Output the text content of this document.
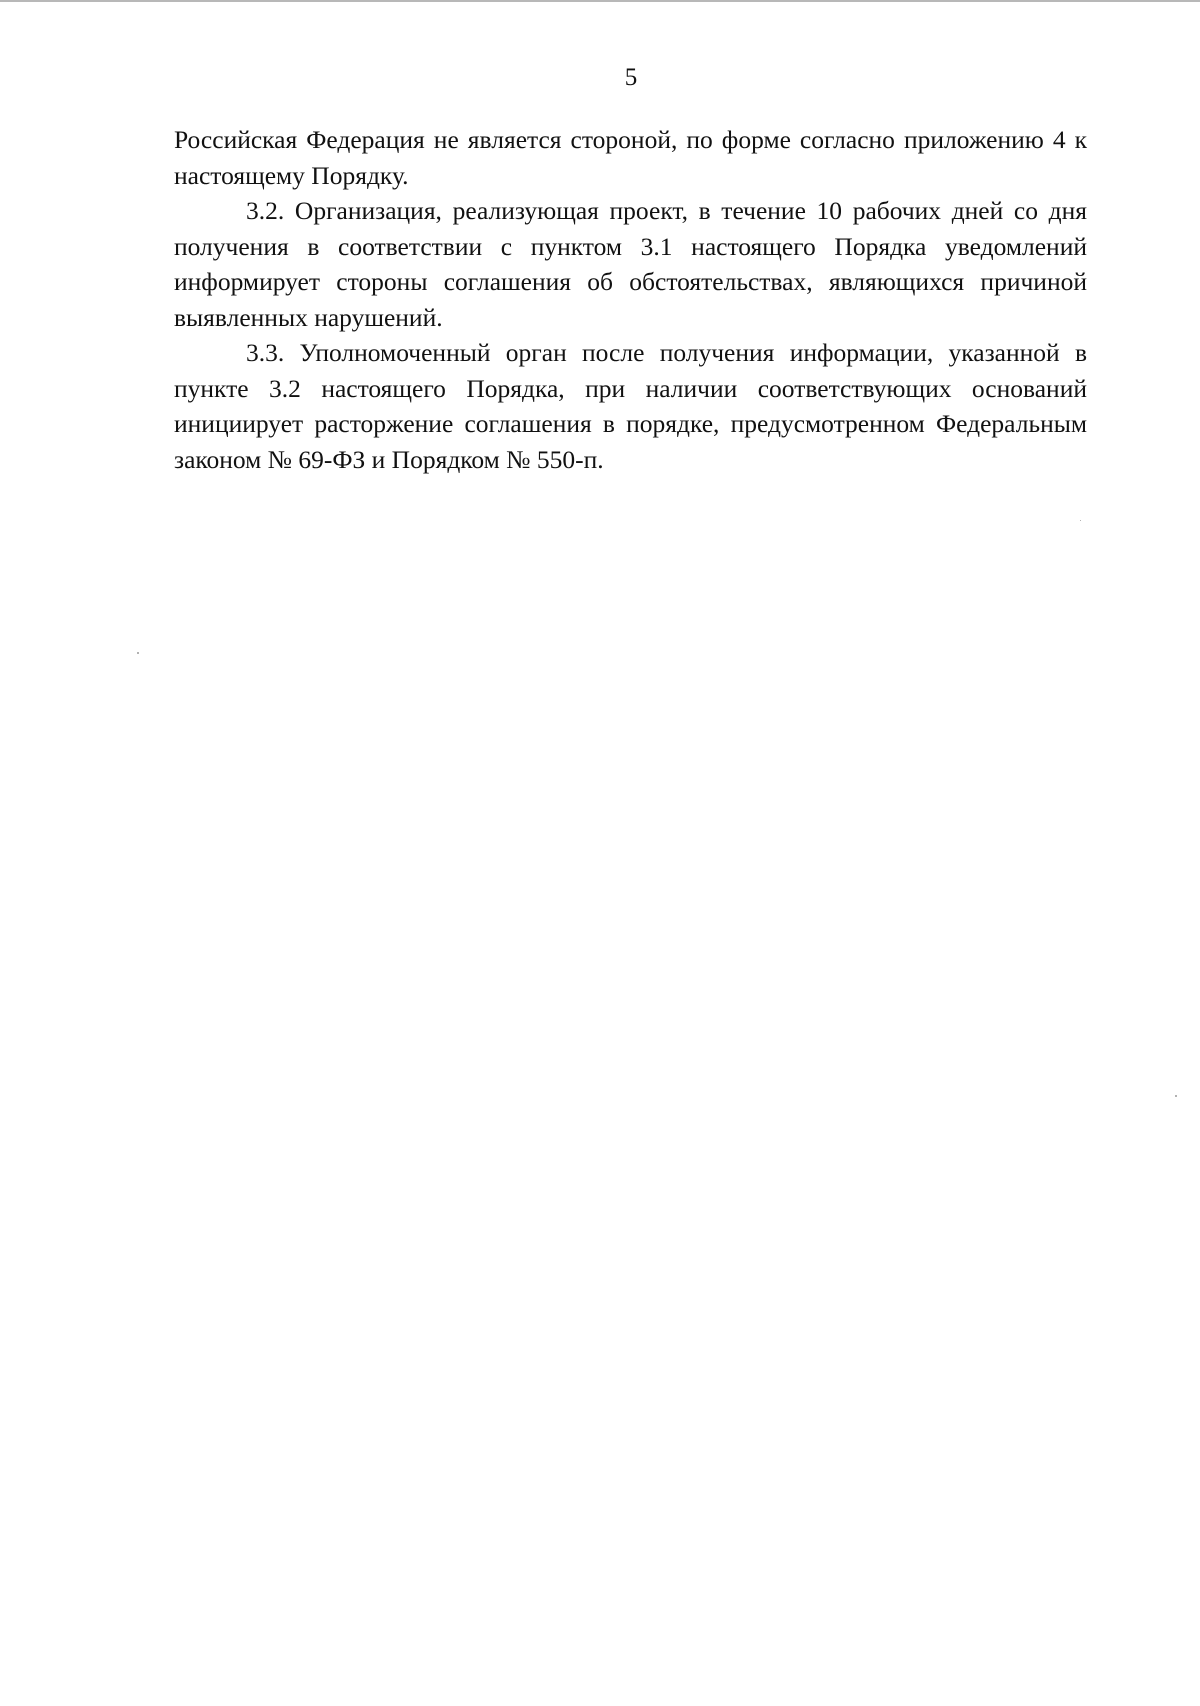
5

Российская Федерация не является стороной, по форме согласно приложению 4 к настоящему Порядку.

3.2. Организация, реализующая проект, в течение 10 рабочих дней со дня получения в соответствии с пунктом 3.1 настоящего Порядка уведомлений информирует стороны соглашения об обстоятельствах, являющихся причиной выявленных нарушений.

3.3. Уполномоченный орган после получения информации, указанной в пункте 3.2 настоящего Порядка, при наличии соответствующих оснований инициирует расторжение соглашения в порядке, предусмотренном Федеральным законом № 69-ФЗ и Порядком № 550-п.
